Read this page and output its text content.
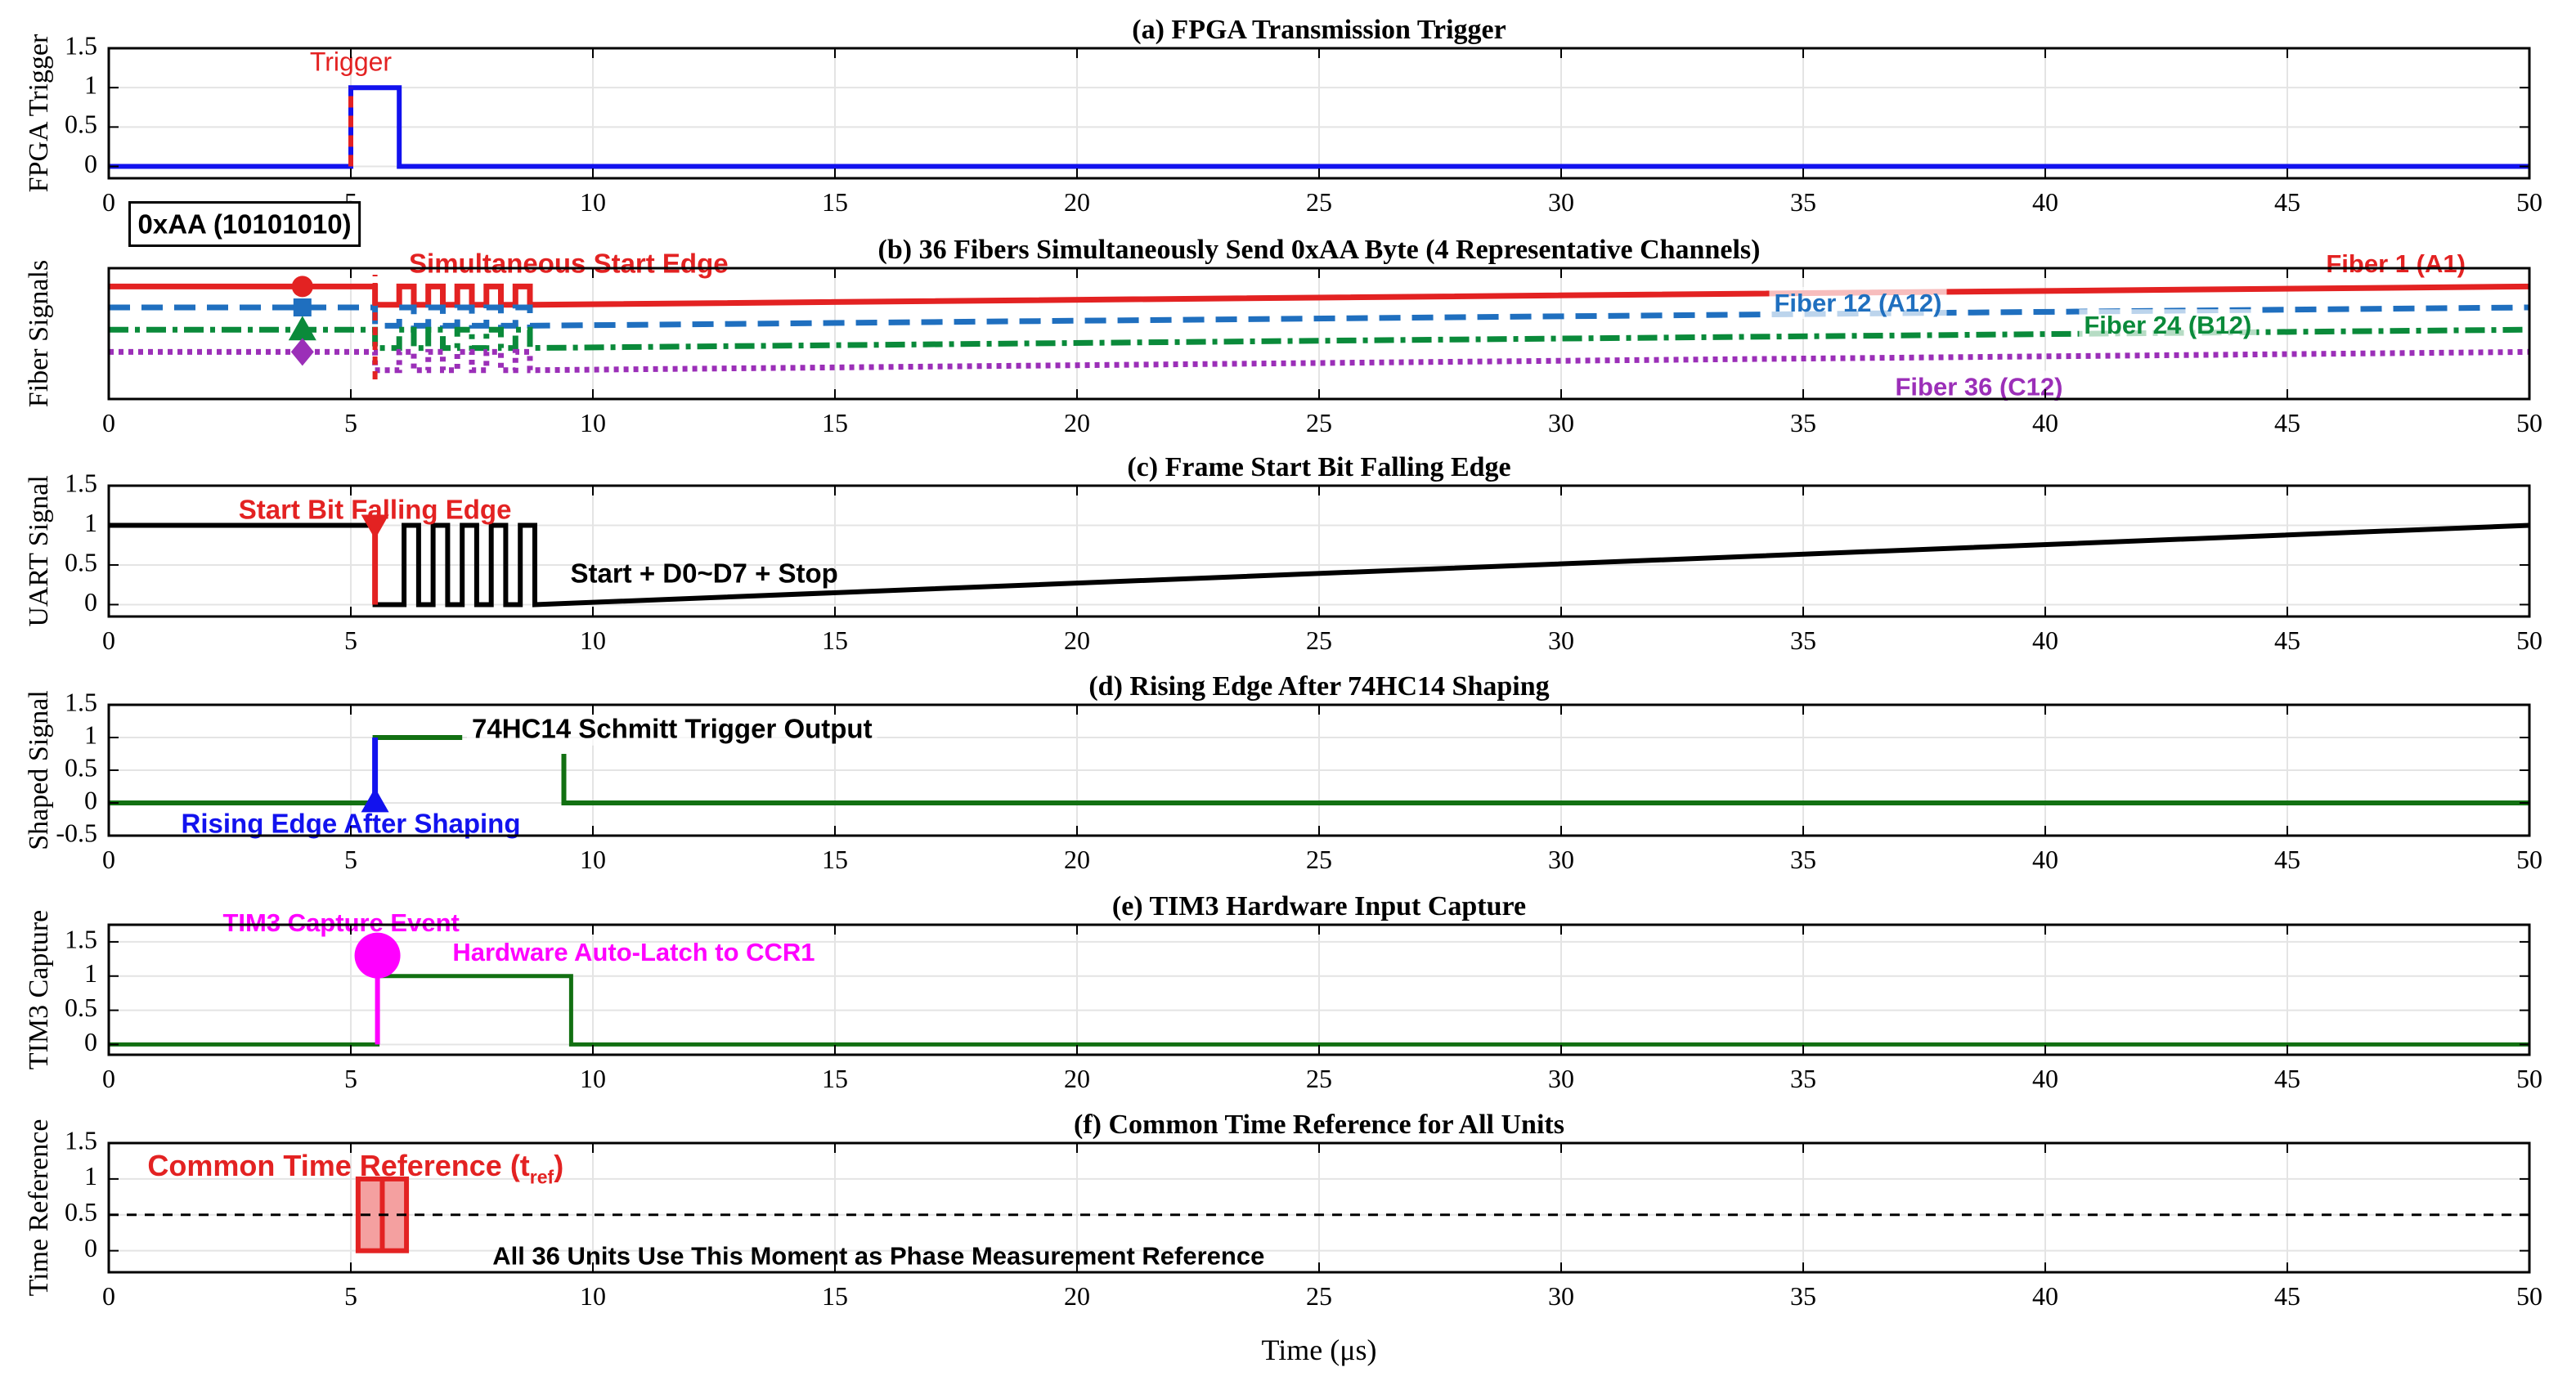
Time (μs)
Trigger
0	10	15	20	25	30	35	40	45	50
0
0.5
1
1.5
(a) FPGA Transmission Trigger
FPGA Trigger
Simultaneous Start Edge	Fiber 1 (A1)
Fiber 12 (A12)
Fiber 24 (B12)
Fiber 36 (C12)
0	5	10	15	20	25	30	35	40	45	50
(b) 36 Fibers Simultaneously Send 0xAA Byte (4 Representative Channels)
Fiber Signals
0xAA (10101010)
Start Bit Falling Edge
Start + D0~D7 + Stop
0	5	10	15	20	25	30	35	40	45	50
0
0.5
1
1.5
(c) Frame Start Bit Falling Edge
UART Signal
74HC14 Schmitt Trigger Output
Rising Edge After Shaping
0	5	10	15	20	25	30	35	40	45	50
-0.5
0
0.5
1
1.5
(d) Rising Edge After 74HC14 Shaping
Shaped Signal
TIM3 Capture Event
Hardware Auto-Latch to CCR1
0	5	10	15	20	25	30	35	40	45	50
0
0.5
1
1.5
(e) TIM3 Hardware Input Capture
TIM3 Capture
Common Time Reference $(t_{ref})$
All 36 Units Use This Moment as Phase Measurement Reference
0	5	10	15	20	25	30	35	40	45	50
0
0.5
1
1.5
(f) Common Time Reference for All Units
Time Reference
